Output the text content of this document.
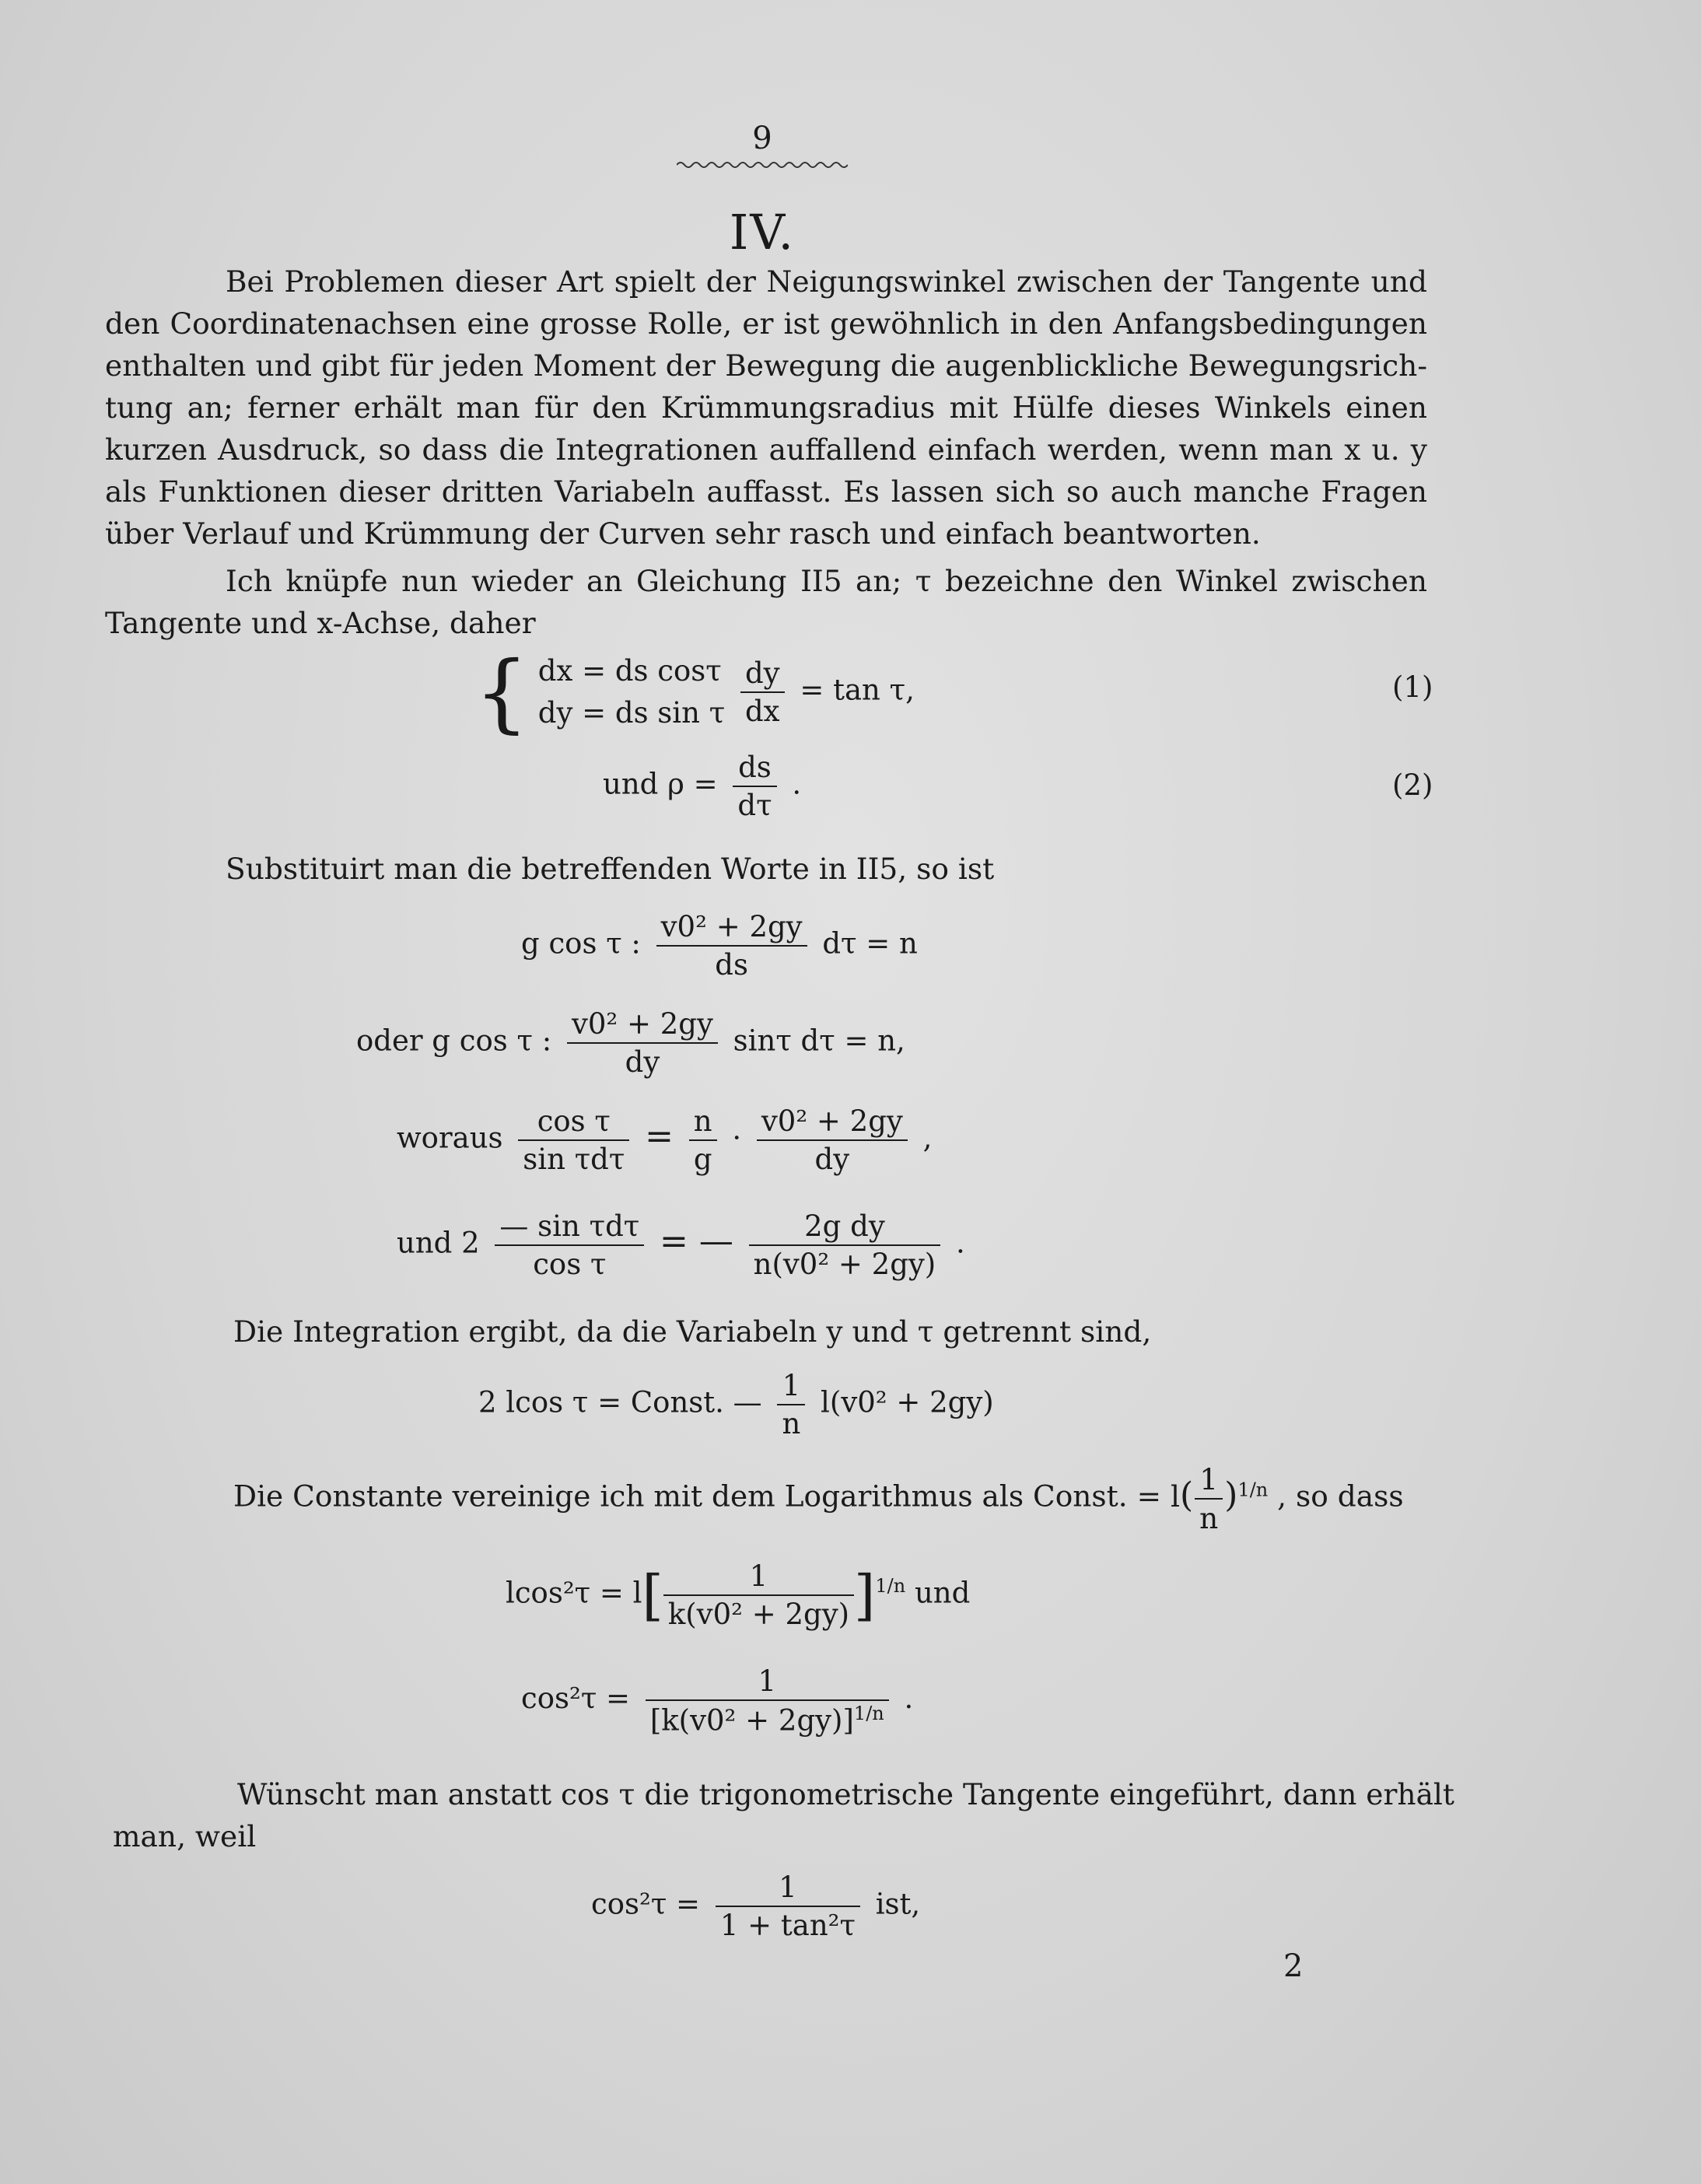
9
IV.
Bei Problemen dieser Art spielt der Neigungswinkel zwischen der Tangente und
den Coordinatenachsen eine grosse Rolle, er ist gewöhnlich in den Anfangsbedingungen
enthalten und gibt für jeden Moment der Bewegung die augenblickliche Bewegungsrich-
tung an; ferner erhält man für den Krümmungsradius mit Hülfe dieses Winkels einen
kurzen Ausdruck, so dass die Integrationen auffallend einfach werden, wenn man x u. y
als Funktionen dieser dritten Variabeln auffasst. Es lassen sich so auch manche Fragen
über Verlauf und Krümmung der Curven sehr rasch und einfach beantworten.
Ich knüpfe nun wieder an Gleichung II5 an; τ bezeichne den Winkel zwischen
Tangente und x-Achse, daher
{ dx = ds cosτ
dy = ds sin τ
$\frac{dy}{dx} = \tan \tau$,	(1)
und $\rho = \frac{ds}{d\tau}$ .	(2)
Substituirt man die betreffenden Worte in II5, so ist
g cos τ : $\frac{\text{v0² + 2gy}}{ds}$ dτ = n
oder g cos τ : $\frac{\text{v0² + 2gy}}{dy}$ sinτ dτ = n,
woraus $\frac{\text{cos τ}}{\text{sin τdτ}} = \frac{n}{g} \cdot \frac{\text{v0² + 2gy}}{dy}$ ,
und $2 \frac{\text{— sin τdτ}}{\text{cos τ}}$ = — $\frac{\text{2g dy}}{\text{n(v0² + 2gy)}}$ .
Die Integration ergibt, da die Variabeln y und τ getrennt sind,
2 lcos τ = Const. — $\frac{1}{n} l(v0^2 + 2gy)$
Die Constante vereinige ich mit dem Logarithmus als Const. = $l( \frac{1}{n} )^{1/n}$ , so dass
$lcos^2\tau = l[ \frac{1}{\text{k(v0² + 2gy)}} ]^{1/n}$ und
$\cos^2\tau = \frac{1}{[k(v0^2 + 2gy)]^{1/n}}$ .
Wünscht man anstatt cos τ die trigonometrische Tangente eingeführt, dann erhält
man, weil
$\cos^2\tau = \frac{1}{\text{1 + tan²τ}}$ ist,
2
